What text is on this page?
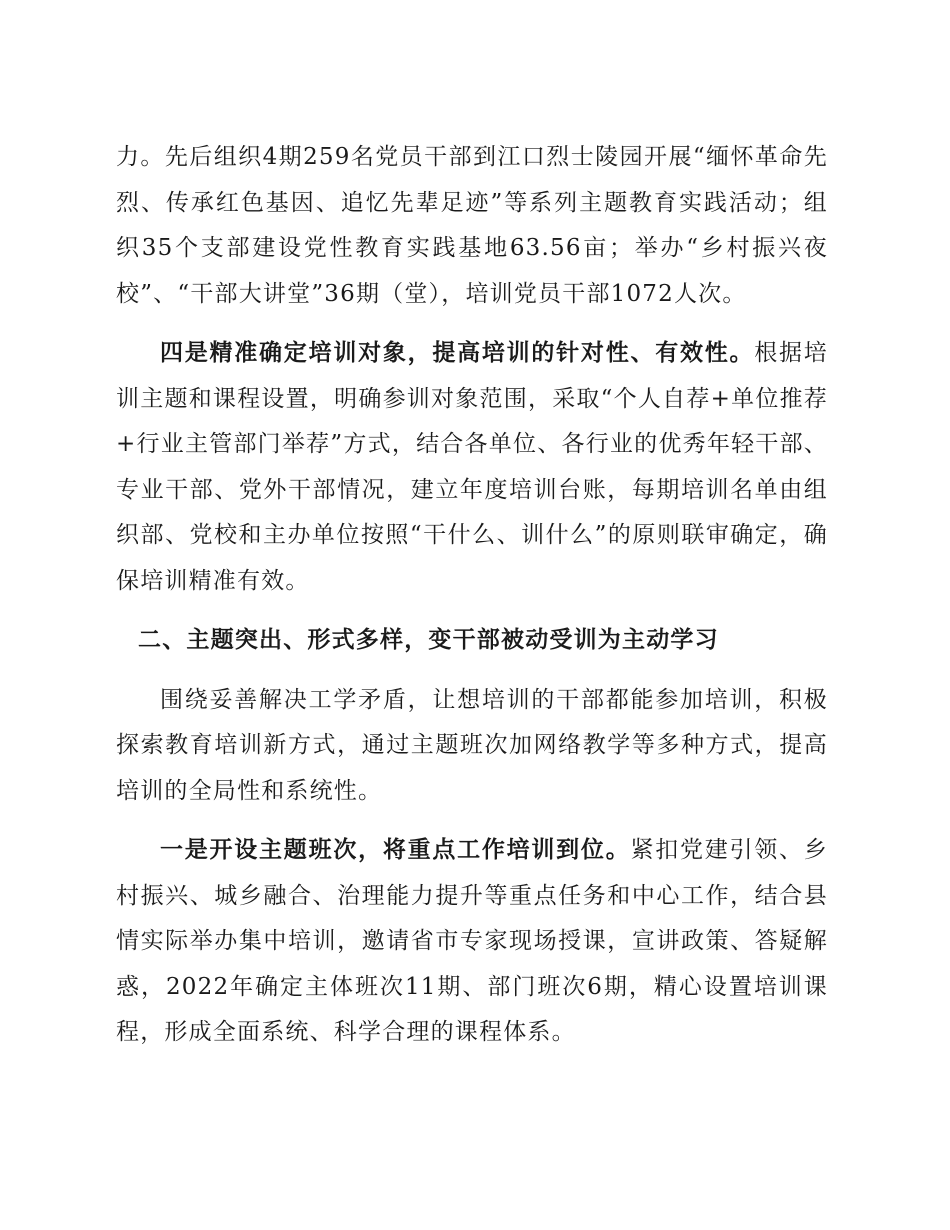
力。先后组织4期259名党员干部到江口烈士陵园开展“缅怀革命先烈、传承红色基因、追忆先辈足迹”等系列主题教育实践活动；组织35个支部建设党性教育实践基地63.56亩；举办“乡村振兴夜校”、“干部大讲堂”36期（堂），培训党员干部1072人次。

四是精准确定培训对象，提高培训的针对性、有效性。根据培训主题和课程设置，明确参训对象范围，采取“个人自荐+单位推荐+行业主管部门举荐”方式，结合各单位、各行业的优秀年轻干部、专业干部、党外干部情况，建立年度培训台账，每期培训名单由组织部、党校和主办单位按照“干什么、训什么”的原则联审确定，确保培训精准有效。

二、主题突出、形式多样，变干部被动受训为主动学习

围绕妥善解决工学矛盾，让想培训的干部都能参加培训，积极探索教育培训新方式，通过主题班次加网络教学等多种方式，提高培训的全局性和系统性。

一是开设主题班次，将重点工作培训到位。紧扣党建引领、乡村振兴、城乡融合、治理能力提升等重点任务和中心工作，结合县情实际举办集中培训，邀请省市专家现场授课，宣讲政策、答疑解惑，2022年确定主体班次11期、部门班次6期，精心设置培训课程，形成全面系统、科学合理的课程体系。
